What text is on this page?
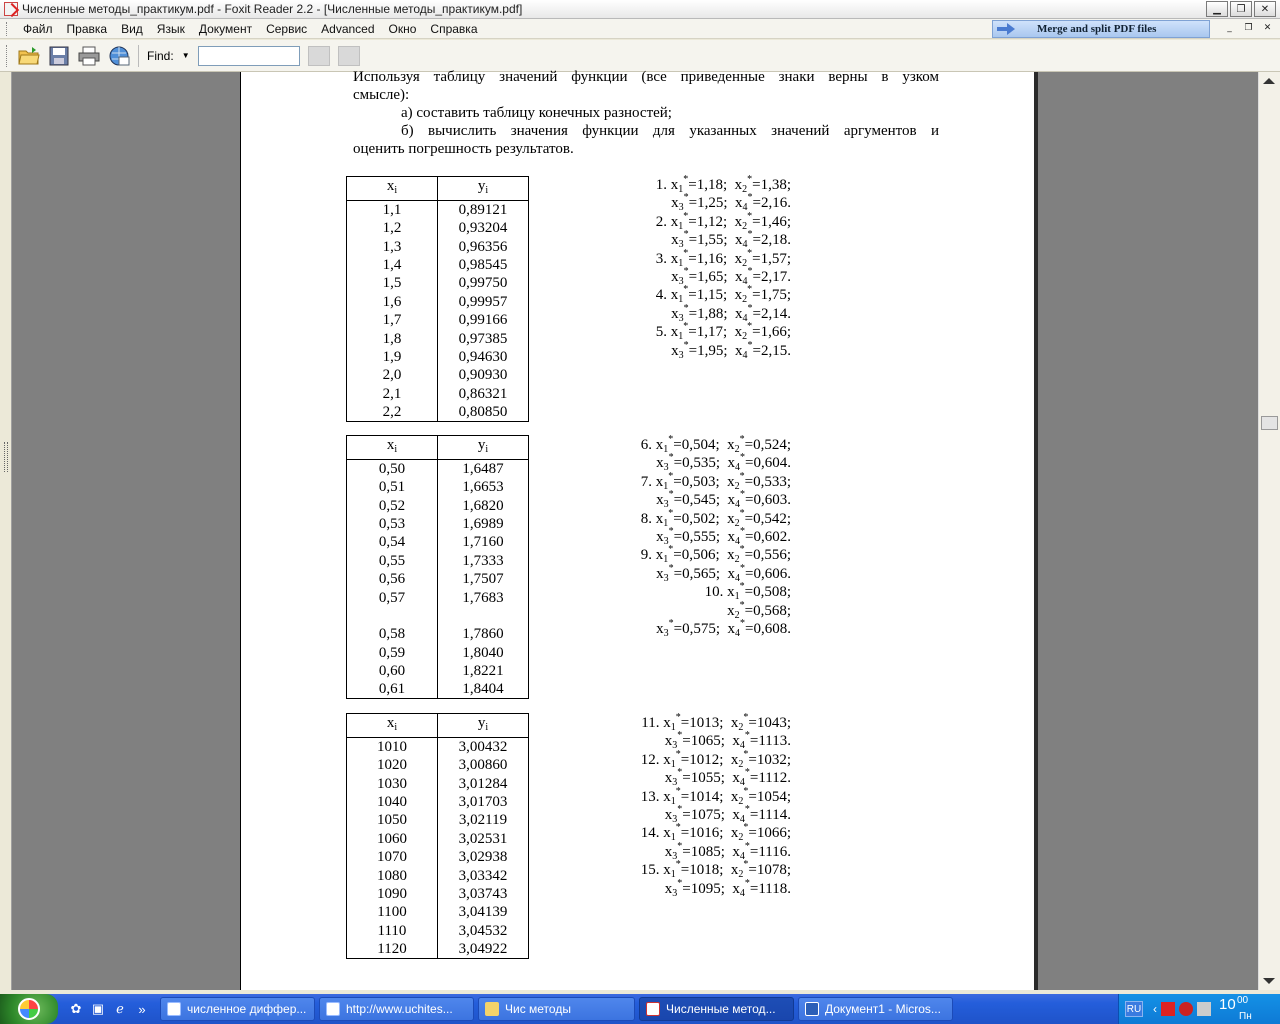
Численные методы_практикум.pdf - Foxit Reader 2.2 - [Численные методы_практикум.pdf]	▁	❐	✕
Файл	Правка	Вид	Язык	Документ	Сервис	Advanced	Окно	Справка	Merge and split PDF files	_	❐	✕
Find: ▼
Используя таблицу значений функции (все приведенные знаки верны в узком
смысле):
а) составить таблицу конечных разностей;
б) вычислить значения функции для указанных значений аргументов и
оценить погрешность результатов.
$x_i$	$y_i$
1,1	0,89121
1,2	0,93204
1,3	0,96356
1,4	0,98545
1,5	0,99750
1,6	0,99957
1,7	0,99166
1,8	0,97385
1,9	0,94630
2,0	0,90930
2,1	0,86321
2,2	0,80850
$x_i$	$y_i$
0,50	1,6487
0,51	1,6653
0,52	1,6820
0,53	1,6989
0,54	1,7160
0,55	1,7333
0,56	1,7507
0,57	1,7683

0,58	1,7860
0,59	1,8040
0,60	1,8221
0,61	1,8404
$x_i$	$y_i$
1010	3,00432
1020	3,00860
1030	3,01284
1040	3,01703
1050	3,02119
1060	3,02531
1070	3,02938
1080	3,03342
1090	3,03743
1100	3,04139
1110	3,04532
1120	3,04922
1. $x_1^*=1,18$;  $x_2^*=1,38$;
$x_3^*=1,25$;  $x_4^*=2,16$.
2. $x_1^*=1,12$;  $x_2^*=1,46$;
$x_3^*=1,55$;  $x_4^*=2,18$.
3. $x_1^*=1,16$;  $x_2^*=1,57$;
$x_3^*=1,65$;  $x_4^*=2,17$.
4. $x_1^*=1,15$;  $x_2^*=1,75$;
$x_3^*=1,88$;  $x_4^*=2,14$.
5. $x_1^*=1,17$;  $x_2^*=1,66$;
$x_3^*=1,95$;  $x_4^*=2,15$.
6. $x_1^*=0,504$;  $x_2^*=0,524$;
$x_3^*=0,535$;  $x_4^*=0,604$.
7. $x_1^*=0,503$;  $x_2^*=0,533$;
$x_3^*=0,545$;  $x_4^*=0,603$.
8. $x_1^*=0,502$;  $x_2^*=0,542$;
$x_3^*=0,555$;  $x_4^*=0,602$.
9. $x_1^*=0,506$;  $x_2^*=0,556$;
$x_3^*=0,565$;  $x_4^*=0,606$.
10. $x_1^*=0,508$;
$x_2^*=0,568$;
$x_3^*=0,575$;  $x_4^*=0,608$.
11. $x_1^*=1013$;  $x_2^*=1043$;
$x_3^*=1065$;  $x_4^*=1113$.
12. $x_1^*=1012$;  $x_2^*=1032$;
$x_3^*=1055$;  $x_4^*=1112$.
13. $x_1^*=1014$;  $x_2^*=1054$;
$x_3^*=1075$;  $x_4^*=1114$.
14. $x_1^*=1016$;  $x_2^*=1066$;
$x_3^*=1085$;  $x_4^*=1116$.
15. $x_1^*=1018$;  $x_2^*=1078$;
$x_3^*=1095$;  $x_4^*=1118$.
✿ ▣ ℯ	»	численное диффер...	http://www.uchites...	Чис методы	Численные метод...	Документ1 - Micros...	RU ‹	10 00
Пн
